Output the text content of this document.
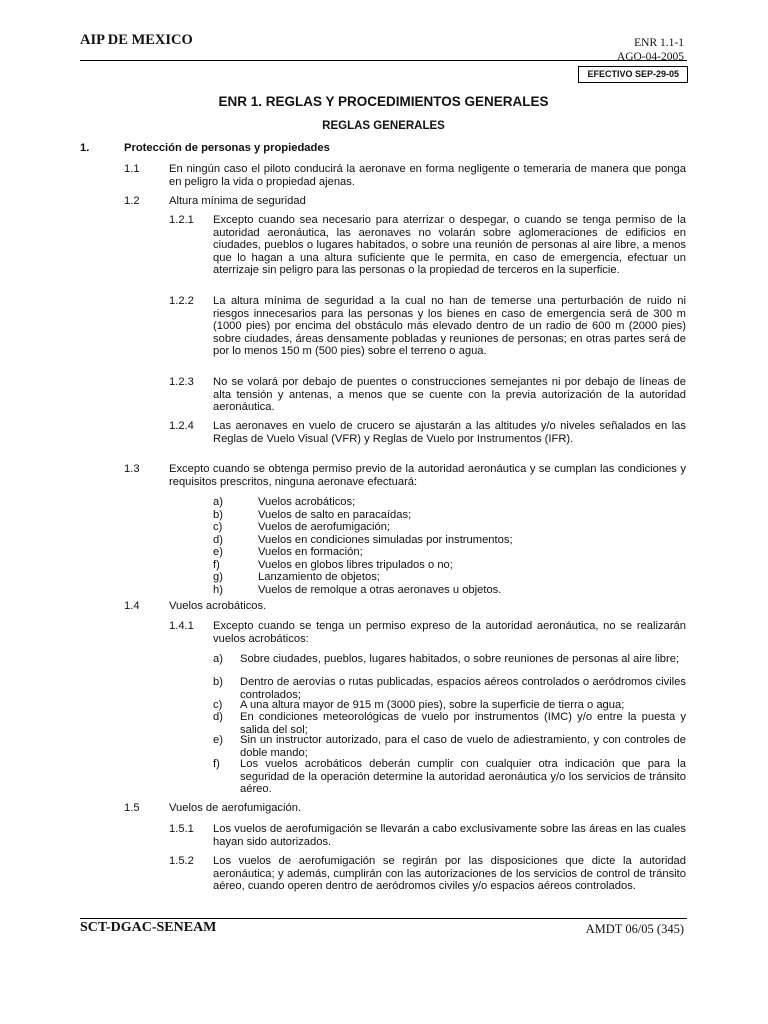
AIP DE MEXICO	ENR 1.1-1
AGO-04-2005
EFECTIVO SEP-29-05
ENR 1. REGLAS Y PROCEDIMIENTOS GENERALES
REGLAS GENERALES
1.	Protección de personas y propiedades
1.1	En ningún caso el piloto conducirá la aeronave en forma negligente o temeraria de manera que ponga en peligro la vida o propiedad ajenas.

1.2	Altura mínima de seguridad

1.2.1 Excepto cuando sea necesario para aterrizar o despegar, o cuando se tenga permiso de la autoridad aeronáutica, las aeronaves no volarán sobre aglomeraciones de edificios en ciudades, pueblos o lugares habitados, o sobre una reunión de personas al aire libre, a menos que lo hagan a una altura suficiente que le permita, en caso de emergencia, efectuar un aterrizaje sin peligro para las personas o la propiedad de terceros en la superficie.

1.2.2 La altura mínima de seguridad a la cual no han de temerse una perturbación de ruido ni riesgos innecesarios para las personas y los bienes en caso de emergencia será de 300 m (1000 pies) por encima del obstáculo más elevado dentro de un radio de 600 m (2000 pies) sobre ciudades, áreas densamente pobladas y reuniones de personas; en otras partes será de por lo menos 150 m (500 pies) sobre el terreno o agua.

1.2.3 No se volará por debajo de puentes o construcciones semejantes ni por debajo de líneas de alta tensión y antenas, a menos que se cuente con la previa autorización de la autoridad aeronáutica.

1.2.4 Las aeronaves en vuelo de crucero se ajustarán a las altitudes y/o niveles señalados en las Reglas de Vuelo Visual (VFR) y Reglas de Vuelo por Instrumentos (IFR).

1.3	Excepto cuando se obtenga permiso previo de la autoridad aeronáutica y se cumplan las condiciones y requisitos prescritos, ninguna aeronave efectuará:

a)	Vuelos acrobáticos;
b)	Vuelos de salto en paracaídas;
c)	Vuelos de aerofumigación;
d)	Vuelos en condiciones simuladas por instrumentos;
e)	Vuelos en formación;
f)	Vuelos en globos libres tripulados o no;
g)	Lanzamiento de objetos;
h)	Vuelos de remolque a otras aeronaves u objetos.
1.4	Vuelos acrobáticos.

1.4.1 Excepto cuando se tenga un permiso expreso de la autoridad aeronáutica, no se realizarán vuelos acrobáticos:

a) Sobre ciudades, pueblos, lugares habitados, o sobre reuniones de personas al aire libre;

b) Dentro de aerovías o rutas publicadas, espacios aéreos controlados o aeródromos civiles controlados;

c) A una altura mayor de 915 m (3000 pies), sobre la superficie de tierra o agua;

d) En condiciones meteorológicas de vuelo por instrumentos (IMC) y/o entre la puesta y salida del sol;

e) Sin un instructor autorizado, para el caso de vuelo de adiestramiento, y con controles de doble mando;

f) Los vuelos acrobáticos deberán cumplir con cualquier otra indicación que para la seguridad de la operación determine la autoridad aeronáutica y/o los servicios de tránsito aéreo.

1.5	Vuelos de aerofumigación.

1.5.1 Los vuelos de aerofumigación se llevarán a cabo exclusivamente sobre las áreas en las cuales hayan sido autorizados.

1.5.2 Los vuelos de aerofumigación se regirán por las disposiciones que dicte la autoridad aeronáutica; y además, cumplirán con las autorizaciones de los servicios de control de tránsito aéreo, cuando operen dentro de aeródromos civiles y/o espacios aéreos controlados.

SCT-DGAC-SENEAM	AMDT 06/05 (345)
